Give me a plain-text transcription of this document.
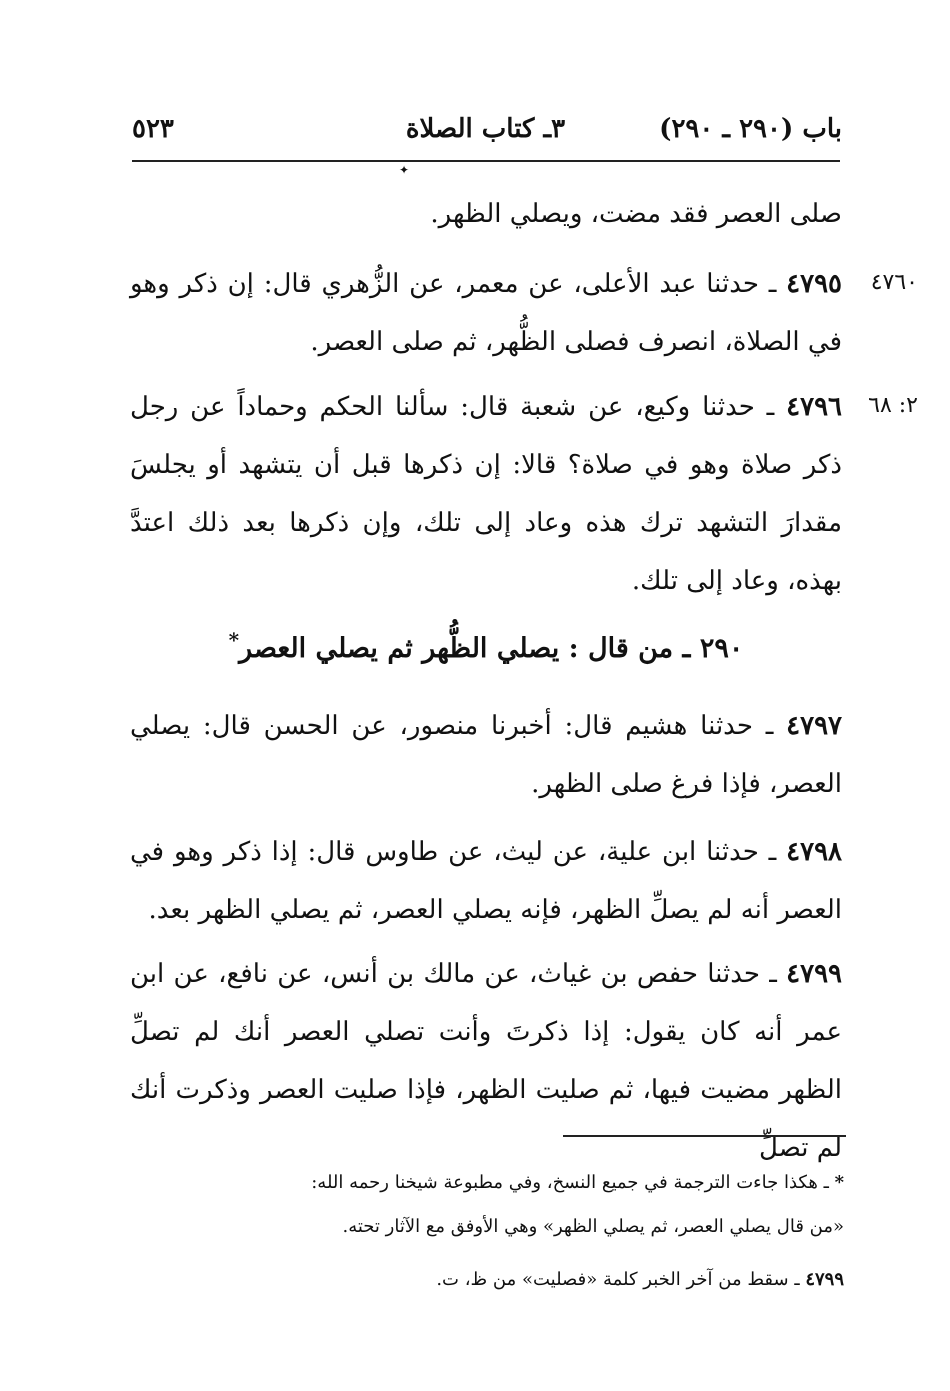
٥٢٣	٣ـ كتاب الصلاة	باب (٢٩٠ ـ ٢٩٠)
✦
صلى العصر فقد مضت، ويصلي الظهر.
٤٧٦٠
٤٧٩٥ ـ حدثنا عبد الأعلى، عن معمر، عن الزُّهري قال: إن ذكر وهو في الصلاة، انصرف فصلى الظُّهر، ثم صلى العصر.
٢: ٦٨
٤٧٩٦ ـ حدثنا وكيع، عن شعبة قال: سألنا الحكم وحماداً عن رجل ذكر صلاة وهو في صلاة؟ قالا: إن ذكرها قبل أن يتشهد أو يجلسَ مقدارَ التشهد ترك هذه وعاد إلى تلك، وإن ذكرها بعد ذلك اعتدَّ بهذه، وعاد إلى تلك.
٢٩٠ ـ من قال : يصلي الظُّهر ثم يصلي العصر*
٤٧٩٧ ـ حدثنا هشيم قال: أخبرنا منصور، عن الحسن قال: يصلي العصر، فإذا فرغ صلى الظهر.
٤٧٩٨ ـ حدثنا ابن علية، عن ليث، عن طاوس قال: إذا ذكر وهو في العصر أنه لم يصلِّ الظهر، فإنه يصلي العصر، ثم يصلي الظهر بعد.
٤٧٩٩ ـ حدثنا حفص بن غياث، عن مالك بن أنس، عن نافع، عن ابن عمر أنه كان يقول: إذا ذكرتَ وأنت تصلي العصر أنك لم تصلِّ الظهر مضيت فيها، ثم صليت الظهر، فإذا صليت العصر وذكرت أنك لم تصلِّ
* ـ هكذا جاءت الترجمة في جميع النسخ، وفي مطبوعة شيخنا رحمه الله:
«من قال يصلي العصر، ثم يصلي الظهر» وهي الأوفق مع الآثار تحته.
٤٧٩٩ ـ سقط من آخر الخبر كلمة «فصليت» من ظ، ت.
